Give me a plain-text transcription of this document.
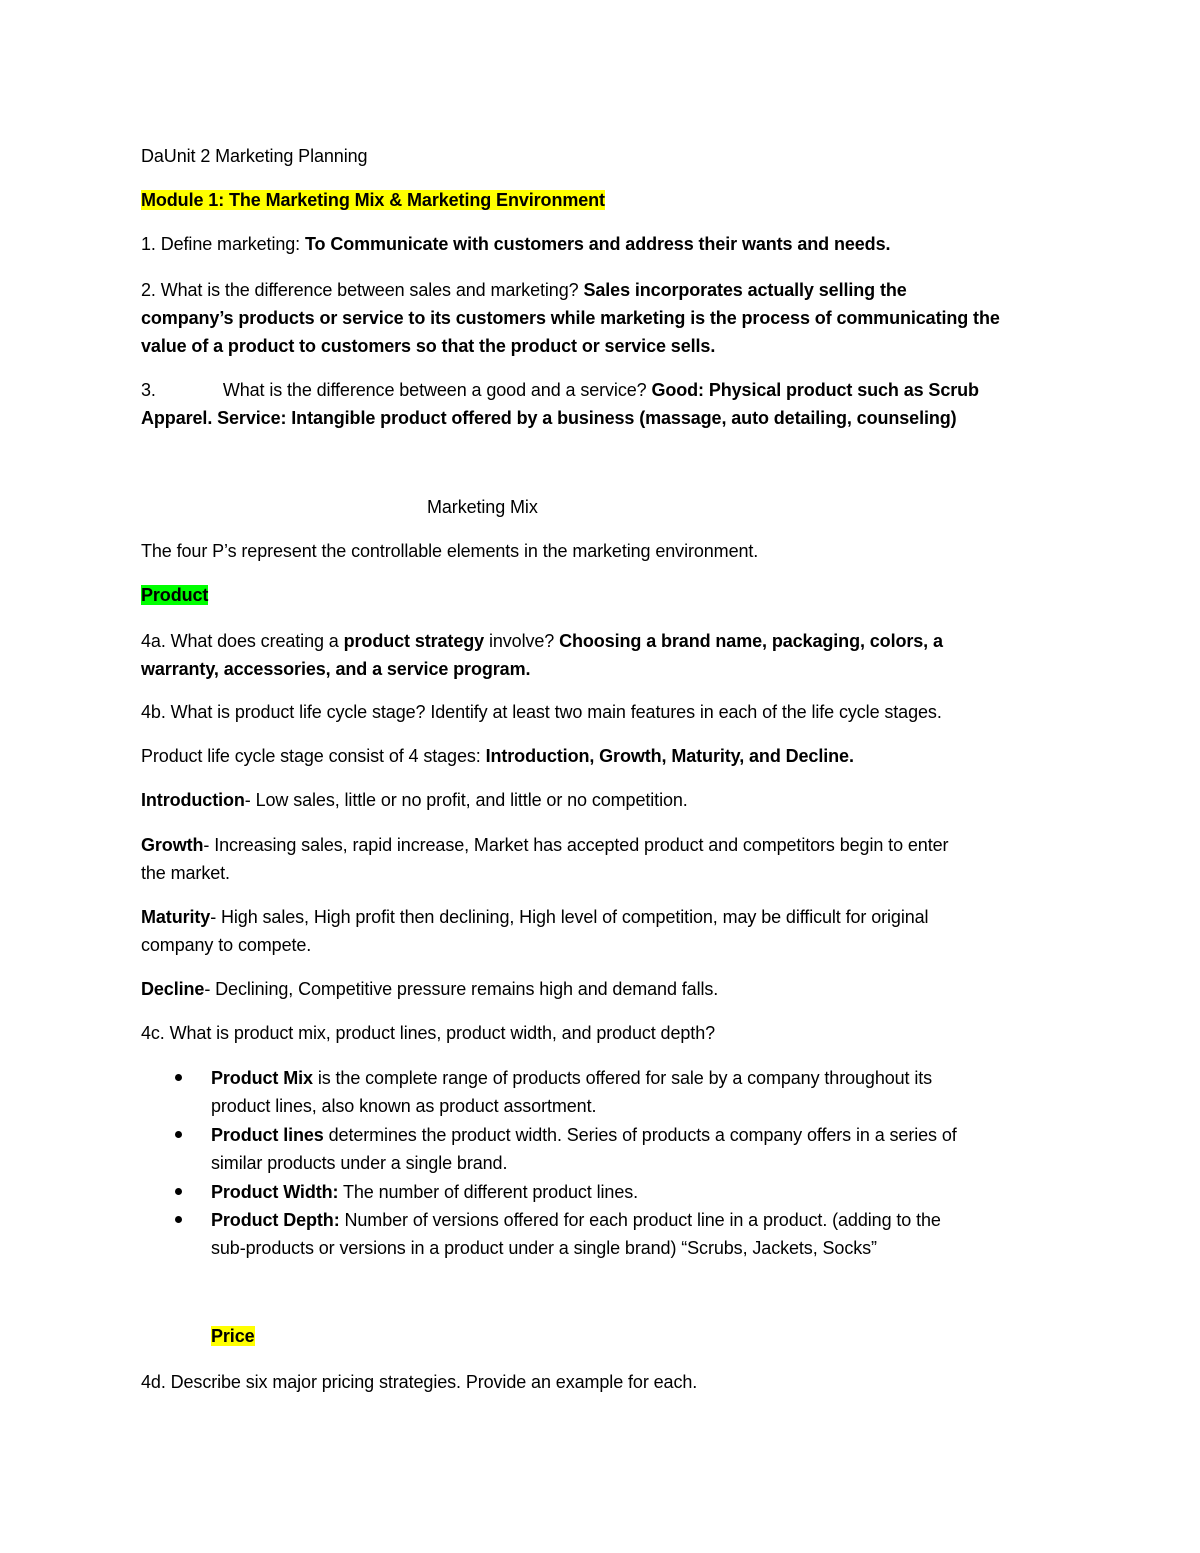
DaUnit 2 Marketing Planning
Module 1: The Marketing Mix & Marketing Environment
1. Define marketing: To Communicate with customers and address their wants and needs.
2. What is the difference between sales and marketing? Sales incorporates actually selling the
company’s products or service to its customers while marketing is the process of communicating the
value of a product to customers so that the product or service sells.
3.	What is the difference between a good and a service? Good: Physical product such as Scrub
Apparel. Service: Intangible product offered by a business (massage, auto detailing, counseling)
Marketing Mix
The four P’s represent the controllable elements in the marketing environment.
Product
4a. What does creating a product strategy involve? Choosing a brand name, packaging, colors, a
warranty, accessories, and a service program.
4b. What is product life cycle stage? Identify at least two main features in each of the life cycle stages.
Product life cycle stage consist of 4 stages: Introduction, Growth, Maturity, and Decline.
Introduction- Low sales, little or no profit, and little or no competition.
Growth- Increasing sales, rapid increase, Market has accepted product and competitors begin to enter
the market.
Maturity- High sales, High profit then declining, High level of competition, may be difficult for original
company to compete.
Decline- Declining, Competitive pressure remains high and demand falls.
4c. What is product mix, product lines, product width, and product depth?
Product Mix is the complete range of products offered for sale by a company throughout its
product lines, also known as product assortment.
Product lines determines the product width. Series of products a company offers in a series of
similar products under a single brand.
Product Width: The number of different product lines.
Product Depth: Number of versions offered for each product line in a product. (adding to the
sub-products or versions in a product under a single brand) “Scrubs, Jackets, Socks”
Price
4d. Describe six major pricing strategies. Provide an example for each.
